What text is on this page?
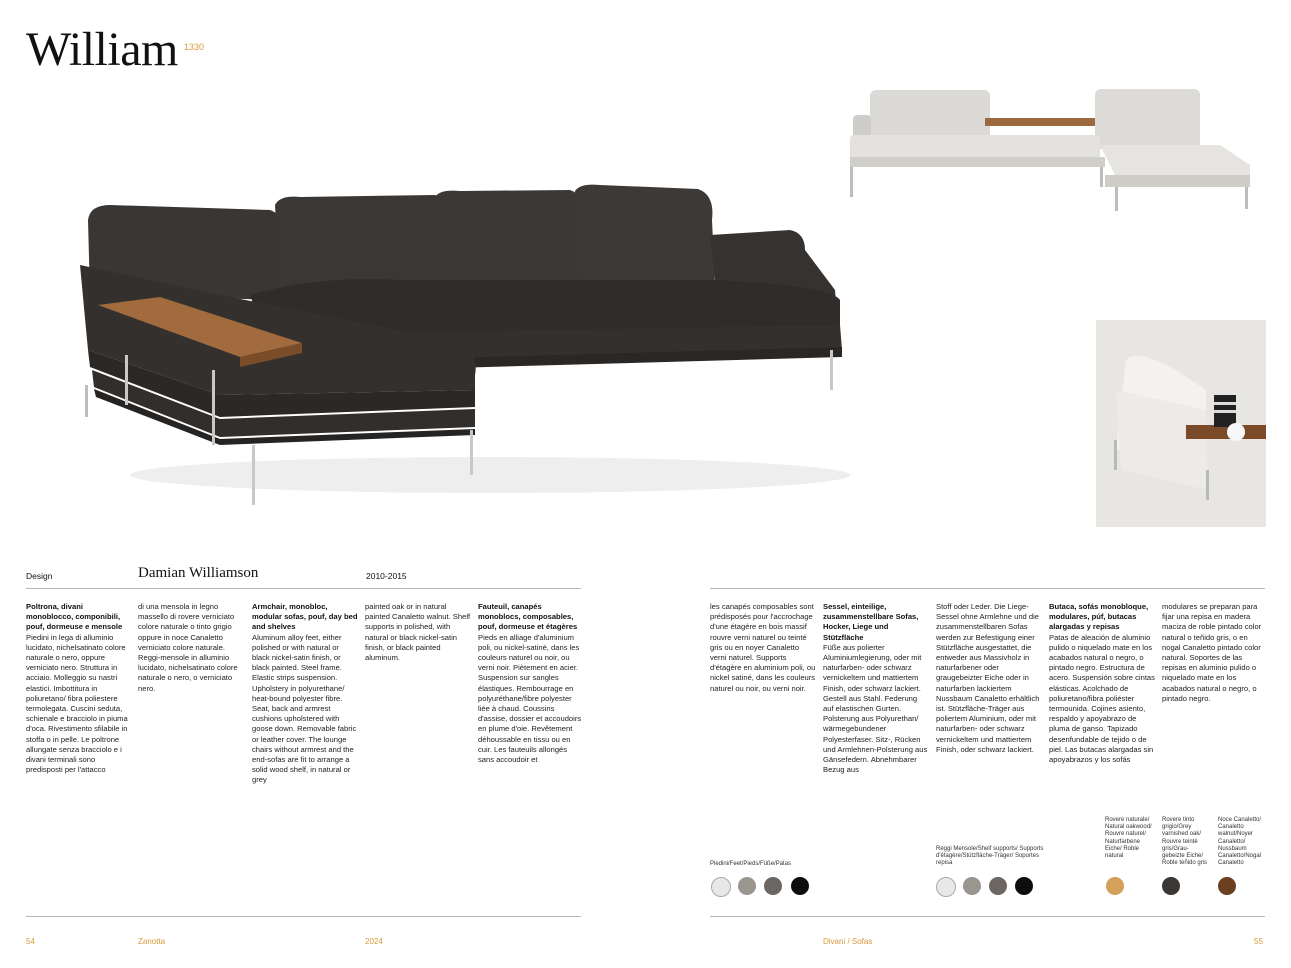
William 1330
Design	Damian Williamson	2010-2015
Poltrona, divani monoblocco, componibili, pouf, dormeuse e mensole
Piedini in lega di alluminio lucidato, nichelsatinato colore naturale o nero, oppure verniciato nero. Struttura in acciaio. Molleggio su nastri elastici. Imbottitura in poliuretano/ fibra poliestere termolegata. Cuscini seduta, schienale e bracciolo in piuma d'oca. Rivestimento sfilabile in stoffa o in pelle. Le poltrone allungate senza bracciolo e i divani terminali sono predisposti per l'attacco
di una mensola in legno massello di rovere verniciato colore naturale o tinto grigio oppure in noce Canaletto verniciato colore naturale. Reggi-mensole in alluminio lucidato, nichelsatinato colore naturale o nero, o verniciato nero.
Armchair, monobloc, modular sofas, pouf, day bed and shelves
Aluminum alloy feet, either polished or with natural or black nickel-satin finish, or black painted. Steel frame. Elastic strips suspension. Upholstery in polyurethane/ heat-bound polyester fibre. Seat, back and armrest cushions upholstered with goose down. Removable fabric or leather cover. The lounge chairs without armrest and the end-sofas are fit to arrange a solid wood shelf, in natural or grey
painted oak or in natural painted Canaletto walnut. Shelf supports in polished, with natural or black nickel-satin finish, or black painted aluminum.
Fauteuil, canapés monoblocs, composables, pouf, dormeuse et étagères
Pieds en alliage d'aluminium poli, ou nickel-satiné, dans les couleurs naturel ou noir, ou verni noir. Piètement en acier. Suspension sur sangles élastiques. Rembourrage en polyuréthane/fibre polyester liée à chaud. Coussins d'assise, dossier et accoudoirs en plume d'oie. Revêtement déhoussable en tissu ou en cuir. Les fauteuils allongés sans accoudoir et
les canapés composables sont prédisposés pour l'accrochage d'une étagère en bois massif rouvre verni naturel ou teinté gris ou en noyer Canaletto verni naturel. Supports d'étagère en aluminium poli, ou nickel satiné, dans les couleurs naturel ou noir, ou verni noir.
Sessel, einteilige, zusammenstellbare Sofas, Hocker, Liege und Stützfläche
Füße aus polierter Aluminiumlegierung, oder mit naturfarben- oder schwarz vernickeltem und mattiertem Finish, oder schwarz lackiert. Gestell aus Stahl. Federung auf elastischen Gurten. Polsterung aus Polyurethan/ wärmegebundener Polyesterfaser. Sitz-, Rücken und Armlehnen-Polsterung aus Gänsefedern. Abnehmbarer Bezug aus
Stoff oder Leder. Die Liege-Sessel ohne Armlehne und die zusammenstellbaren Sofas werden zur Befestigung einer Stützfläche ausgestattet, die entweder aus Massivholz in naturfarbener oder graugebeizter Eiche oder in naturfarben lackiertem Nussbaum Canaletto erhältlich ist. Stützfläche-Träger aus poliertem Aluminium, oder mit naturfarben- oder schwarz vernickeltem und mattiertem Finish, oder schwarz lackiert.
Butaca, sofás monobloque, modulares, púf, butacas alargadas y repisas
Patas de aleación de aluminio pulido o niquelado mate en los acabados natural o negro, o pintado negro. Estructura de acero. Suspensión sobre cintas elásticas. Acolchado de poliuretano/fibra poliéster termounida. Cojines asiento, respaldo y apoyabrazo de pluma de ganso. Tapizado desenfundable de tejido o de piel. Las butacas alargadas sin apoyabrazos y los sofás
modulares se preparan para fijar una repisa en madera maciza de roble pintado color natural o teñido gris, o en nogal Canaletto pintado color natural. Soportes de las repisas en aluminio pulido o niquelado mate en los acabados natural o negro, o pintado negro.
Piedini/Feet/Pieds/Füße/Patas
Reggi Mensole/Shelf supports/ Supports d'étagère/Stützfläche-Träger/ Soportes repisa
Rovere naturale/ Natural oakwood/ Rouvre naturel/ Naturfarbene Eiche/ Roble natural
Rovere tinto grigio/Grey varnished oak/ Rouvre teinté gris/Grau-gebeizte Eiche/ Roble teñido gris
Noce Canaletto/ Canaletto walnut/Noyer Canaletto/ Nussbaum Canaletto/Nogal Canaletto
54	Zanotta	2024	Divani / Sofas	55
